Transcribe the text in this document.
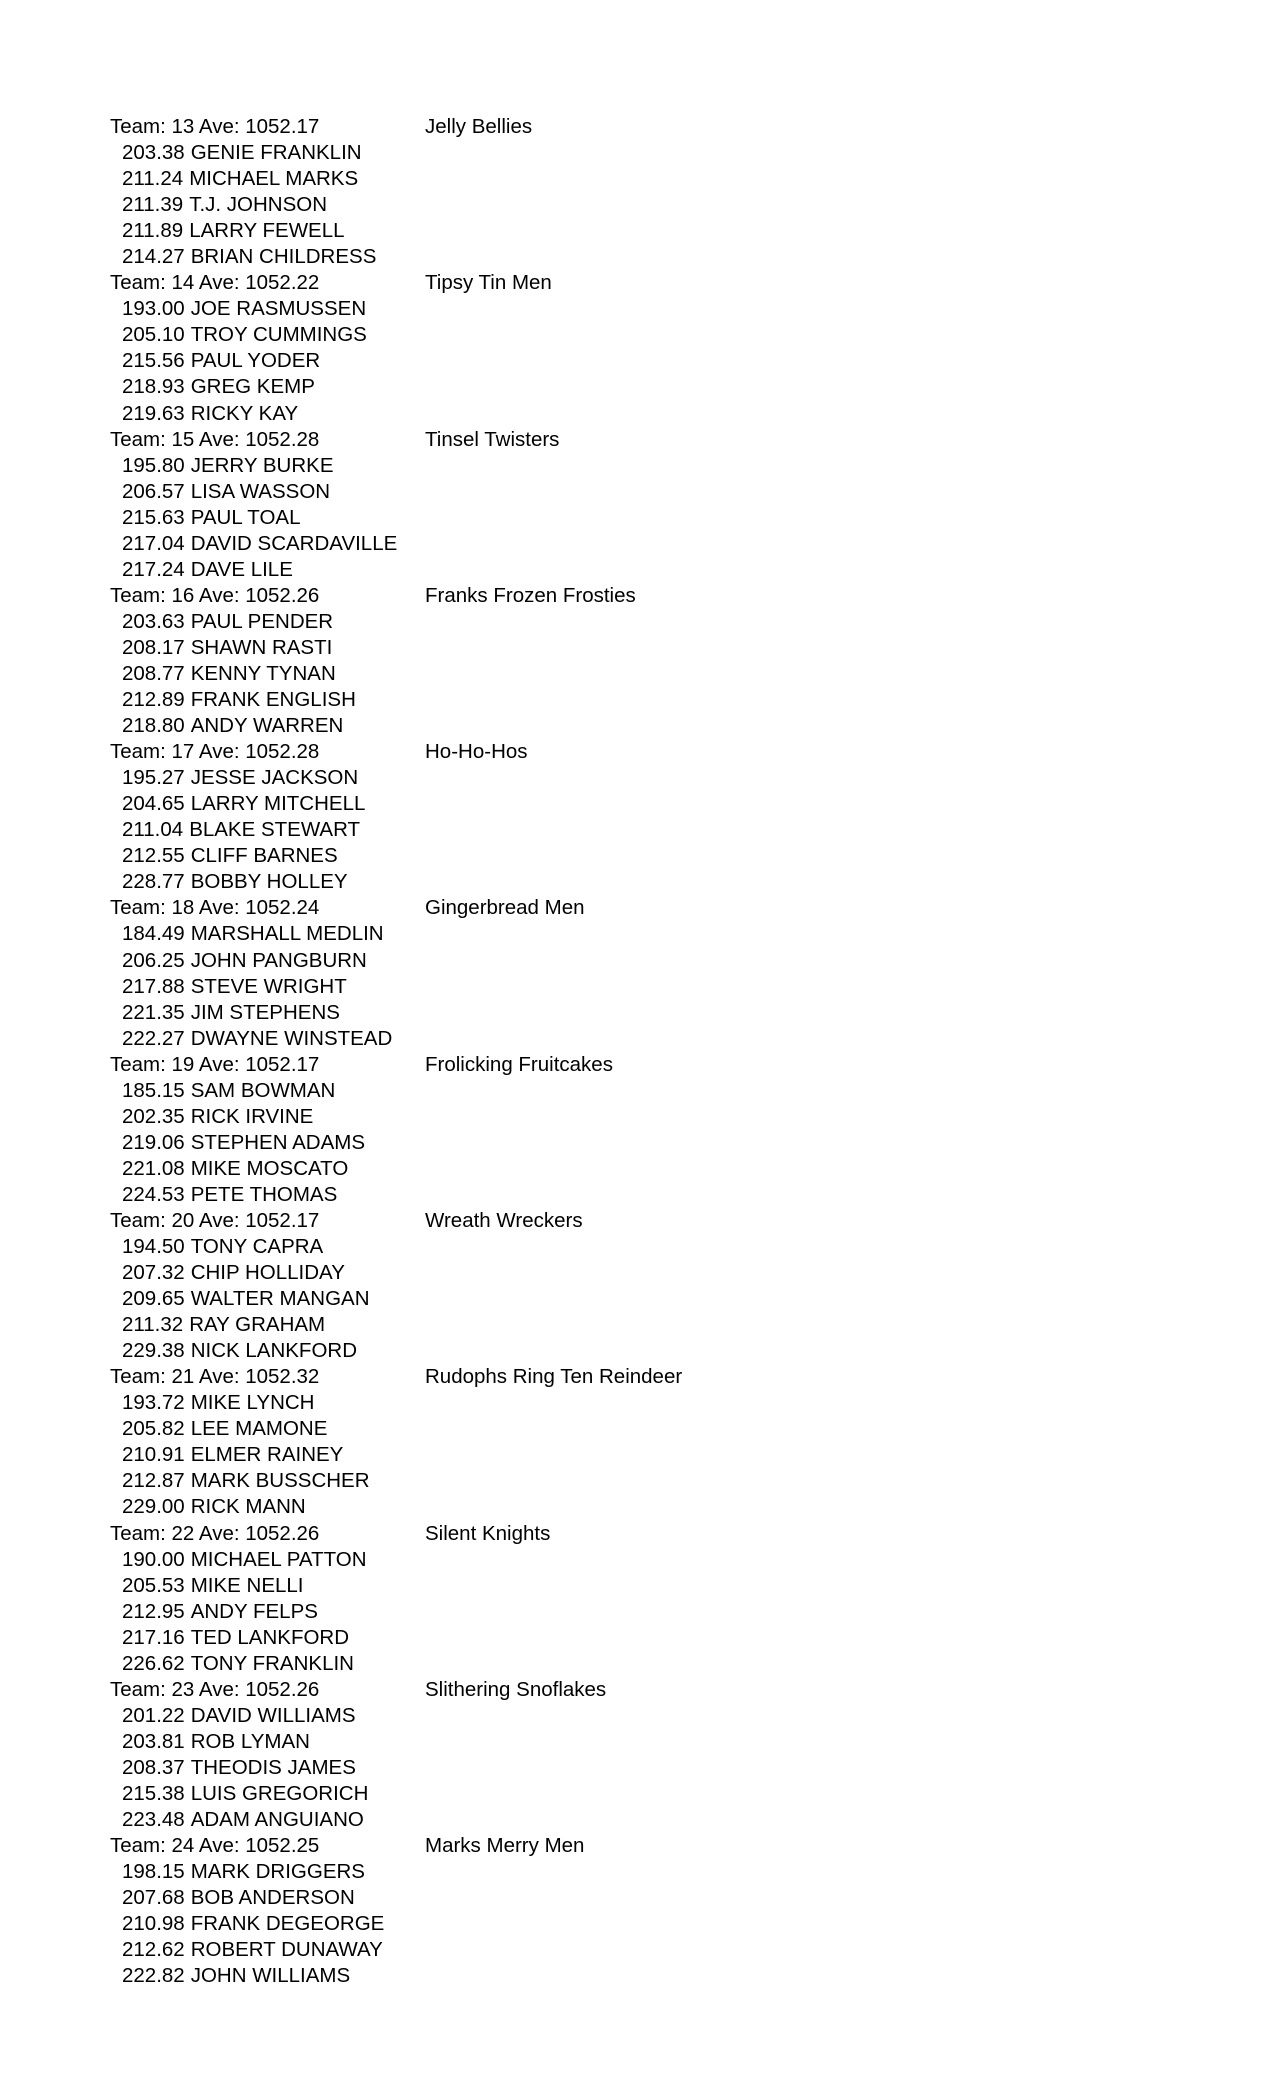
Team: 13 Ave: 1052.17	Jelly Bellies
203.38 GENIE FRANKLIN
211.24 MICHAEL MARKS
211.39 T.J. JOHNSON
211.89 LARRY FEWELL
214.27 BRIAN CHILDRESS
Team: 14 Ave: 1052.22	Tipsy Tin Men
193.00 JOE RASMUSSEN
205.10 TROY CUMMINGS
215.56 PAUL YODER
218.93 GREG KEMP
219.63 RICKY KAY
Team: 15 Ave: 1052.28	Tinsel Twisters
195.80 JERRY BURKE
206.57 LISA WASSON
215.63 PAUL TOAL
217.04 DAVID SCARDAVILLE
217.24 DAVE LILE
Team: 16 Ave: 1052.26	Franks Frozen Frosties
203.63 PAUL PENDER
208.17 SHAWN RASTI
208.77 KENNY TYNAN
212.89 FRANK ENGLISH
218.80 ANDY WARREN
Team: 17 Ave: 1052.28	Ho-Ho-Hos
195.27 JESSE JACKSON
204.65 LARRY MITCHELL
211.04 BLAKE STEWART
212.55 CLIFF BARNES
228.77 BOBBY HOLLEY
Team: 18 Ave: 1052.24	Gingerbread Men
184.49 MARSHALL MEDLIN
206.25 JOHN PANGBURN
217.88 STEVE WRIGHT
221.35 JIM STEPHENS
222.27 DWAYNE WINSTEAD
Team: 19 Ave: 1052.17	Frolicking Fruitcakes
185.15 SAM BOWMAN
202.35 RICK IRVINE
219.06 STEPHEN ADAMS
221.08 MIKE MOSCATO
224.53 PETE THOMAS
Team: 20 Ave: 1052.17	Wreath Wreckers
194.50 TONY CAPRA
207.32 CHIP HOLLIDAY
209.65 WALTER MANGAN
211.32 RAY GRAHAM
229.38 NICK LANKFORD
Team: 21 Ave: 1052.32	Rudophs Ring Ten Reindeer
193.72 MIKE LYNCH
205.82 LEE MAMONE
210.91 ELMER RAINEY
212.87 MARK BUSSCHER
229.00 RICK MANN
Team: 22 Ave: 1052.26	Silent Knights
190.00 MICHAEL PATTON
205.53 MIKE NELLI
212.95 ANDY FELPS
217.16 TED LANKFORD
226.62 TONY FRANKLIN
Team: 23 Ave: 1052.26	Slithering Snoflakes
201.22 DAVID WILLIAMS
203.81 ROB LYMAN
208.37 THEODIS JAMES
215.38 LUIS GREGORICH
223.48 ADAM ANGUIANO
Team: 24 Ave: 1052.25	Marks Merry Men
198.15 MARK DRIGGERS
207.68 BOB ANDERSON
210.98 FRANK DEGEORGE
212.62 ROBERT DUNAWAY
222.82 JOHN WILLIAMS
